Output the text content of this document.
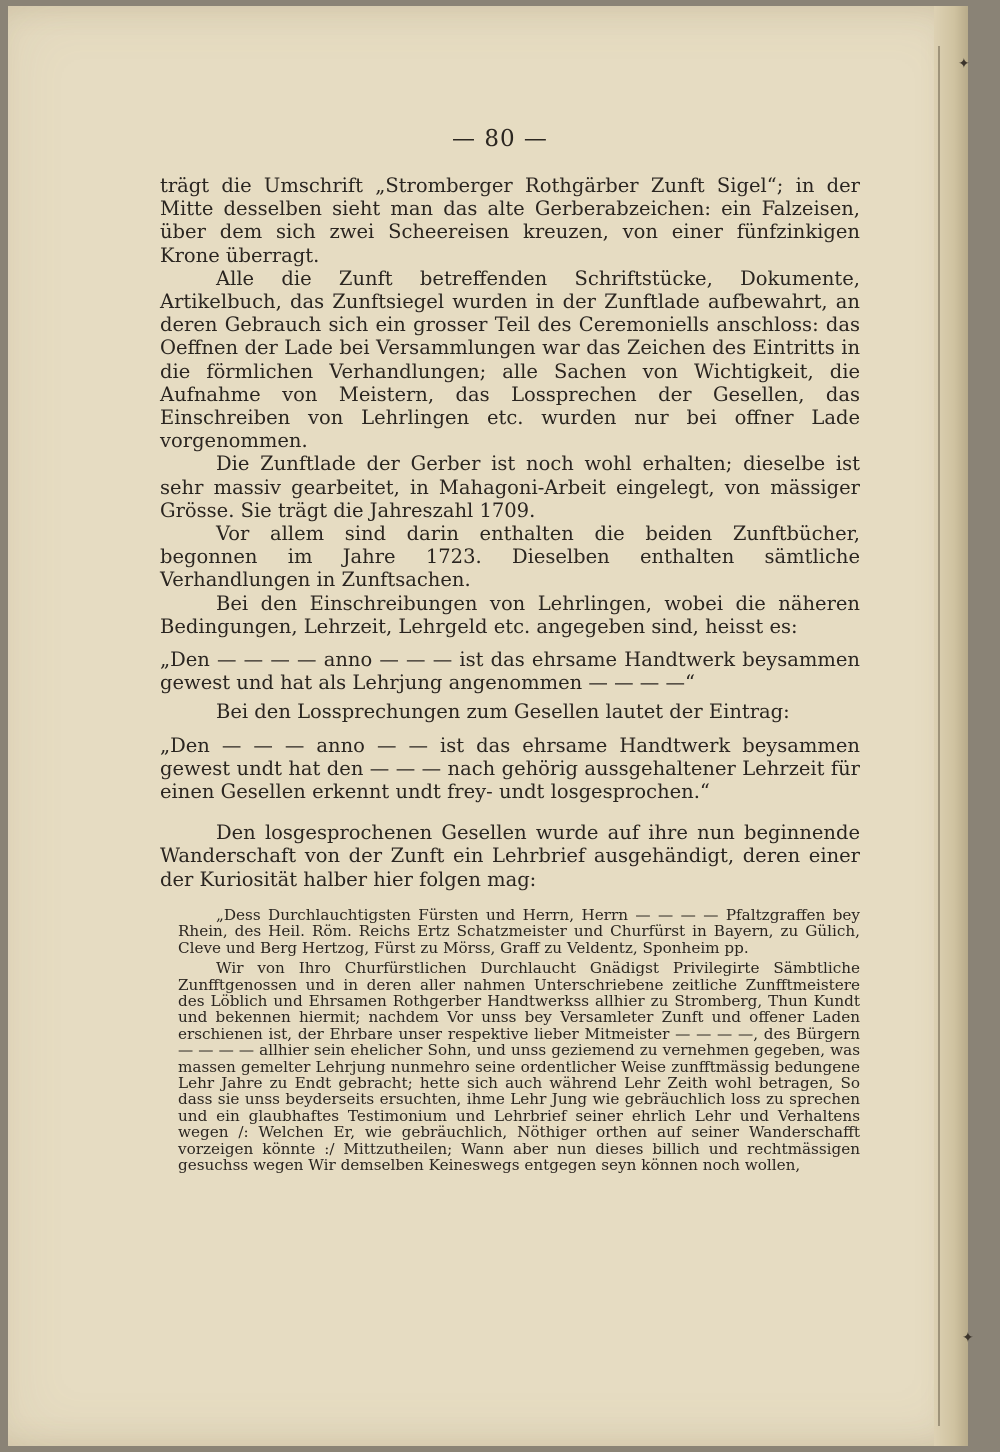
✦
✦
— 80 —

trägt die Umschrift „Stromberger Rothgärber Zunft Sigel“; in der Mitte desselben sieht man das alte Gerberabzeichen: ein Falzeisen, über dem sich zwei Scheereisen kreuzen, von einer fünfzinkigen Krone überragt.

Alle die Zunft betreffenden Schriftstücke, Dokumente, Artikelbuch, das Zunftsiegel wurden in der Zunftlade aufbewahrt, an deren Gebrauch sich ein grosser Teil des Ceremoniells anschloss: das Oeffnen der Lade bei Versammlungen war das Zeichen des Eintritts in die förmlichen Verhandlungen; alle Sachen von Wichtigkeit, die Aufnahme von Meistern, das Lossprechen der Gesellen, das Einschreiben von Lehrlingen etc. wurden nur bei offner Lade vorgenommen.

Die Zunftlade der Gerber ist noch wohl erhalten; dieselbe ist sehr massiv gearbeitet, in Mahagoni-Arbeit eingelegt, von mässiger Grösse. Sie trägt die Jahreszahl 1709.

Vor allem sind darin enthalten die beiden Zunftbücher, begonnen im Jahre 1723. Dieselben enthalten sämtliche Verhandlungen in Zunftsachen.

Bei den Einschreibungen von Lehrlingen, wobei die näheren Bedingungen, Lehrzeit, Lehrgeld etc. angegeben sind, heisst es:

„Den — — — — anno — — — ist das ehrsame Handtwerk beysammen gewest und hat als Lehrjung angenommen — — — —“

Bei den Lossprechungen zum Gesellen lautet der Eintrag:

„Den — — — anno — — ist das ehrsame Handtwerk beysammen gewest undt hat den — — — nach gehörig aussgehaltener Lehrzeit für einen Gesellen erkennt undt frey- undt losgesprochen.“

Den losgesprochenen Gesellen wurde auf ihre nun beginnende Wanderschaft von der Zunft ein Lehrbrief ausgehändigt, deren einer der Kuriosität halber hier folgen mag:

„Dess Durchlauchtigsten Fürsten und Herrn, Herrn — — — — Pfaltzgraffen bey Rhein, des Heil. Röm. Reichs Ertz Schatzmeister und Churfürst in Bayern, zu Gülich, Cleve und Berg Hertzog, Fürst zu Mörss, Graff zu Veldentz, Sponheim pp.

Wir von Ihro Churfürstlichen Durchlaucht Gnädigst Privilegirte Sämbtliche Zunfftgenossen und in deren aller nahmen Unterschriebene zeitliche Zunfftmeistere des Löblich und Ehrsamen Rothgerber Handtwerkss allhier zu Stromberg, Thun Kundt und bekennen hiermit; nachdem Vor unss bey Versamleter Zunft und offener Laden erschienen ist, der Ehrbare unser respektive lieber Mitmeister — — — —, des Bürgern — — — — allhier sein ehelicher Sohn, und unss geziemend zu vernehmen gegeben, was massen gemelter Lehrjung nunmehro seine ordentlicher Weise zunfftmässig bedungene Lehr Jahre zu Endt gebracht; hette sich auch während Lehr Zeith wohl betragen, So dass sie unss beyderseits ersuchten, ihme Lehr Jung wie gebräuchlich loss zu sprechen und ein glaubhaftes Testimonium und Lehrbrief seiner ehrlich Lehr und Verhaltens wegen /: Welchen Er, wie gebräuchlich, Nöthiger orthen auf seiner Wanderschafft vorzeigen könnte :/ Mittzutheilen; Wann aber nun dieses billich und rechtmässigen gesuchss wegen Wir demselben Keineswegs entgegen seyn können noch wollen,
